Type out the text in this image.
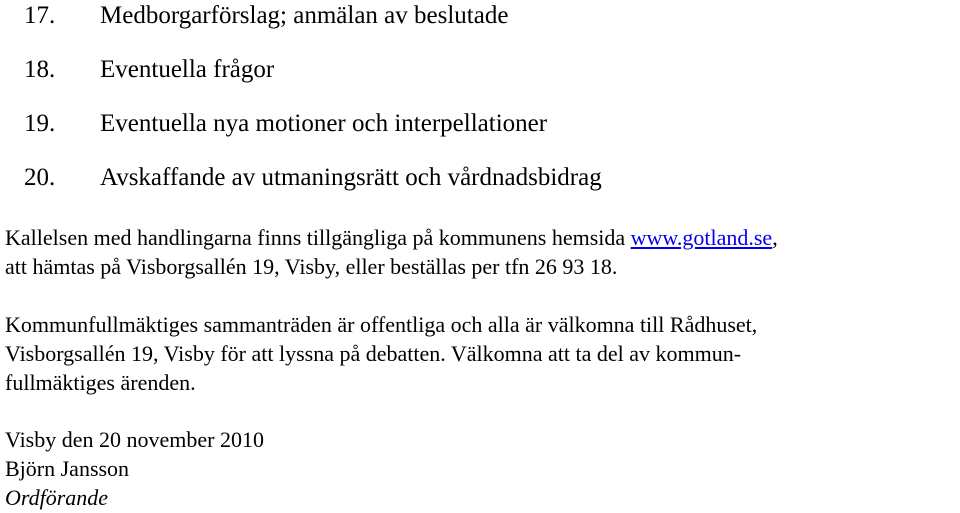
17. Medborgarförslag; anmälan av beslutade
18. Eventuella frågor
19. Eventuella nya motioner och interpellationer
20. Avskaffande av utmaningsrätt och vårdnadsbidrag
Kallelsen med handlingarna finns tillgängliga på kommunens hemsida www.gotland.se,
att hämtas på Visborgsallén 19, Visby, eller beställas per tfn 26 93 18.
Kommunfullmäktiges sammanträden är offentliga och alla är välkomna till Rådhuset,
Visborgsallén 19, Visby för att lyssna på debatten. Välkomna att ta del av kommun-
fullmäktiges ärenden.
Visby den 20 november 2010
Björn Jansson
Ordförande
